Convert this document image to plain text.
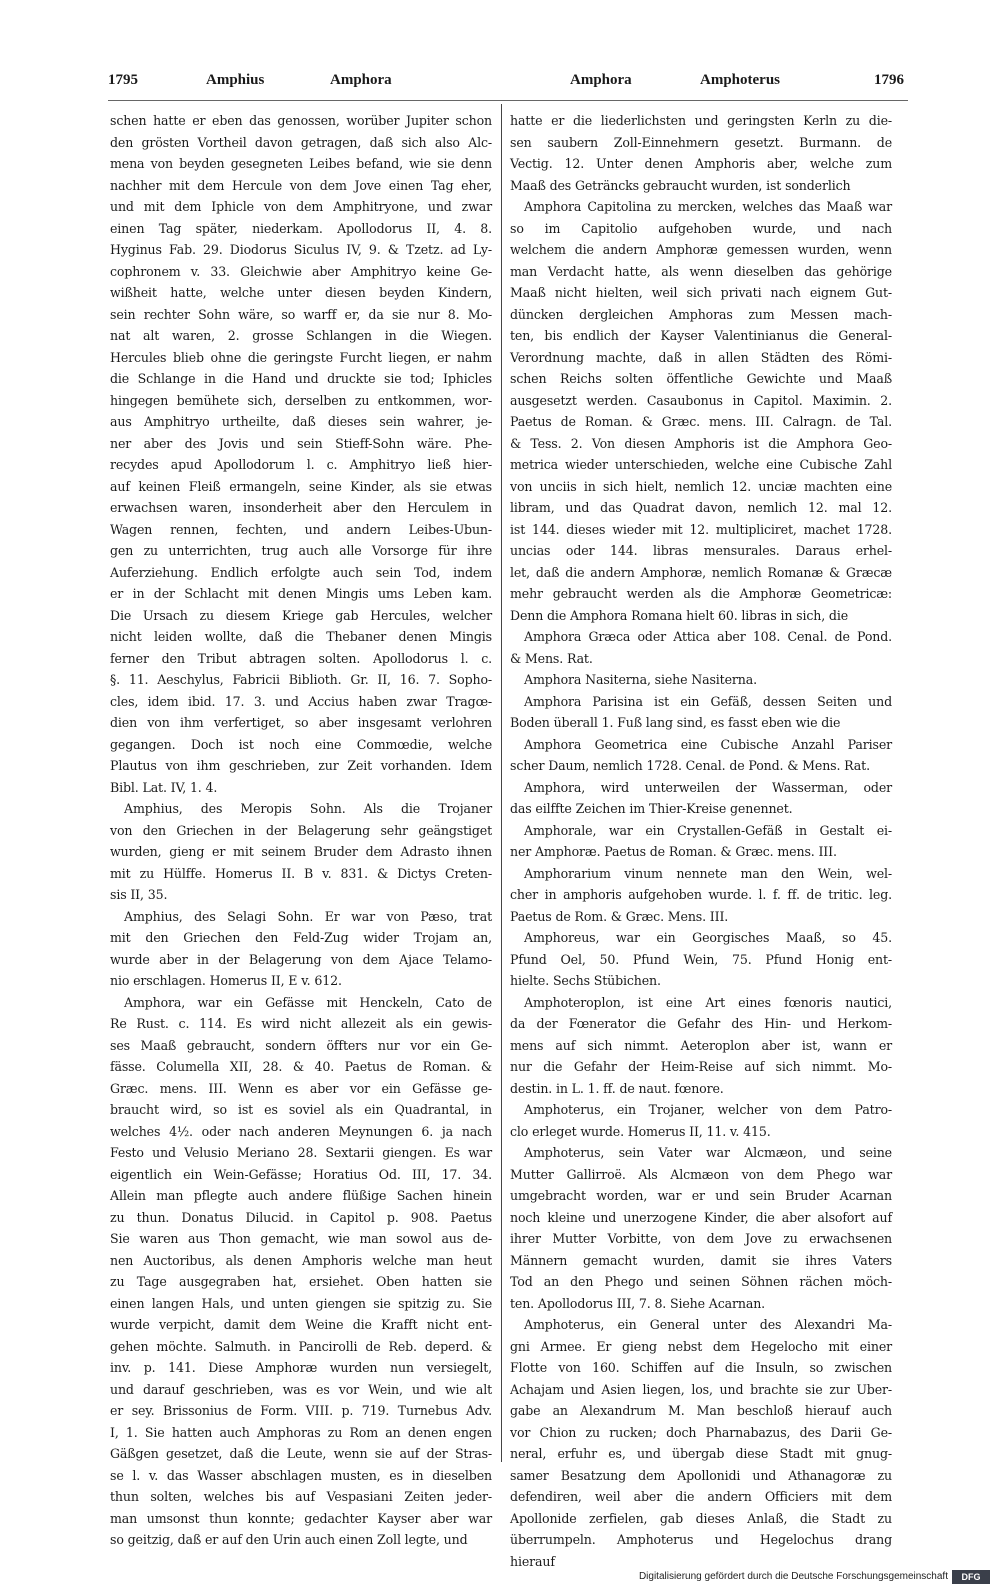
1795	Amphius	Amphora	Amphora	Amphoterus	1796
schen hatte er eben das genossen, worüber Jupiter schon
den grösten Vortheil davon getragen, daß sich also Alc-
mena von beyden gesegneten Leibes befand, wie sie denn
nachher mit dem Hercule von dem Jove einen Tag eher,
und mit dem Iphicle von dem Amphitryone, und zwar
einen Tag später, niederkam. Apollodorus II, 4. 8.
Hyginus Fab. 29. Diodorus Siculus IV, 9. & Tzetz. ad Ly-
cophronem v. 33. Gleichwie aber Amphitryo keine Ge-
wißheit hatte, welche unter diesen beyden Kindern,
sein rechter Sohn wäre, so warff er, da sie nur 8. Mo-
nat alt waren, 2. grosse Schlangen in die Wiegen.
Hercules blieb ohne die geringste Furcht liegen, er nahm
die Schlange in die Hand und druckte sie tod; Iphicles
hingegen bemühete sich, derselben zu entkommen, wor-
aus Amphitryo urtheilte, daß dieses sein wahrer, je-
ner aber des Jovis und sein Stieff-Sohn wäre. Phe-
recydes apud Apollodorum l. c. Amphitryo ließ hier-
auf keinen Fleiß ermangeln, seine Kinder, als sie etwas
erwachsen waren, insonderheit aber den Herculem in
Wagen rennen, fechten, und andern Leibes-Ubun-
gen zu unterrichten, trug auch alle Vorsorge für ihre
Auferziehung. Endlich erfolgte auch sein Tod, indem
er in der Schlacht mit denen Mingis ums Leben kam.
Die Ursach zu diesem Kriege gab Hercules, welcher
nicht leiden wollte, daß die Thebaner denen Mingis
ferner den Tribut abtragen solten. Apollodorus l. c.
§. 11. Aeschylus, Fabricii Biblioth. Gr. II, 16. 7. Sopho-
cles, idem ibid. 17. 3. und Accius haben zwar Tragœ-
dien von ihm verfertiget, so aber insgesamt verlohren
gegangen. Doch ist noch eine Commœdie, welche
Plautus von ihm geschrieben, zur Zeit vorhanden. Idem
Bibl. Lat. IV, 1. 4.
Amphius, des Meropis Sohn. Als die Trojaner
von den Griechen in der Belagerung sehr geängstiget
wurden, gieng er mit seinem Bruder dem Adrasto ihnen
mit zu Hülffe. Homerus II. B v. 831. & Dictys Creten-
sis II, 35.
Amphius, des Selagi Sohn. Er war von Pæso, trat
mit den Griechen den Feld-Zug wider Trojam an,
wurde aber in der Belagerung von dem Ajace Telamo-
nio erschlagen. Homerus II, E v. 612.
Amphora, war ein Gefässe mit Henckeln, Cato de
Re Rust. c. 114. Es wird nicht allezeit als ein gewis-
ses Maaß gebraucht, sondern öffters nur vor ein Ge-
fässe. Columella XII, 28. & 40. Paetus de Roman. &
Græc. mens. III. Wenn es aber vor ein Gefässe ge-
braucht wird, so ist es soviel als ein Quadrantal, in
welches 4½. oder nach anderen Meynungen 6. ja nach
Festo und Velusio Meriano 28. Sextarii giengen. Es war
eigentlich ein Wein-Gefässe; Horatius Od. III, 17. 34.
Allein man pflegte auch andere flüßige Sachen hinein
zu thun. Donatus Dilucid. in Capitol p. 908. Paetus
Sie waren aus Thon gemacht, wie man sowol aus de-
nen Auctoribus, als denen Amphoris welche man heut
zu Tage ausgegraben hat, ersiehet. Oben hatten sie
einen langen Hals, und unten giengen sie spitzig zu. Sie
wurde verpicht, damit dem Weine die Krafft nicht ent-
gehen möchte. Salmuth. in Pancirolli de Reb. deperd. &
inv. p. 141. Diese Amphoræ wurden nun versiegelt,
und darauf geschrieben, was es vor Wein, und wie alt
er sey. Brissonius de Form. VIII. p. 719. Turnebus Adv.
I, 1. Sie hatten auch Amphoras zu Rom an denen engen
Gäßgen gesetzet, daß die Leute, wenn sie auf der Stras-
se l. v. das Wasser abschlagen musten, es in dieselben
thun solten, welches bis auf Vespasiani Zeiten jeder-
man umsonst thun konnte; gedachter Kayser aber war
so geitzig, daß er auf den Urin auch einen Zoll legte, und
hatte er die liederlichsten und geringsten Kerln zu die-
sen saubern Zoll-Einnehmern gesetzt. Burmann. de
Vectig. 12. Unter denen Amphoris aber, welche zum
Maaß des Geträncks gebraucht wurden, ist sonderlich
Amphora Capitolina zu mercken, welches das Maaß war
so im Capitolio aufgehoben wurde, und nach
welchem die andern Amphoræ gemessen wurden, wenn
man Verdacht hatte, als wenn dieselben das gehörige
Maaß nicht hielten, weil sich privati nach eignem Gut-
düncken dergleichen Amphoras zum Messen mach-
ten, bis endlich der Kayser Valentinianus die General-
Verordnung machte, daß in allen Städten des Römi-
schen Reichs solten öffentliche Gewichte und Maaß
ausgesetzt werden. Casaubonus in Capitol. Maximin. 2.
Paetus de Roman. & Græc. mens. III. Calragn. de Tal.
& Tess. 2. Von diesen Amphoris ist die Amphora Geo-
metrica wieder unterschieden, welche eine Cubische Zahl
von unciis in sich hielt, nemlich 12. unciæ machten eine
libram, und das Quadrat davon, nemlich 12. mal 12.
ist 144. dieses wieder mit 12. multipliciret, machet 1728.
uncias oder 144. libras mensurales. Daraus erhel-
let, daß die andern Amphoræ, nemlich Romanæ & Græcæ
mehr gebraucht werden als die Amphoræ Geometricæ:
Denn die Amphora Romana hielt 60. libras in sich, die
Amphora Græca oder Attica aber 108. Cenal. de Pond.
& Mens. Rat.
Amphora Nasiterna, siehe Nasiterna.
Amphora Parisina ist ein Gefäß, dessen Seiten und
Boden überall 1. Fuß lang sind, es fasst eben wie die
Amphora Geometrica eine Cubische Anzahl Pariser
scher Daum, nemlich 1728. Cenal. de Pond. & Mens. Rat.
Amphora, wird unterweilen der Wasserman, oder
das eilffte Zeichen im Thier-Kreise genennet.
Amphorale, war ein Crystallen-Gefäß in Gestalt ei-
ner Amphoræ. Paetus de Roman. & Græc. mens. III.
Amphorarium vinum nennete man den Wein, wel-
cher in amphoris aufgehoben wurde. l. f. ff. de tritic. leg.
Paetus de Rom. & Græc. Mens. III.
Amphoreus, war ein Georgisches Maaß, so 45.
Pfund Oel, 50. Pfund Wein, 75. Pfund Honig ent-
hielte. Sechs Stübichen.
Amphoteroplon, ist eine Art eines fœnoris nautici,
da der Fœnerator die Gefahr des Hin- und Herkom-
mens auf sich nimmt. Aeteroplon aber ist, wann er
nur die Gefahr der Heim-Reise auf sich nimmt. Mo-
destin. in L. 1. ff. de naut. fœnore.
Amphoterus, ein Trojaner, welcher von dem Patro-
clo erleget wurde. Homerus II, 11. v. 415.
Amphoterus, sein Vater war Alcmæon, und seine
Mutter Gallirroë. Als Alcmæon von dem Phego war
umgebracht worden, war er und sein Bruder Acarnan
noch kleine und unerzogene Kinder, die aber alsofort auf
ihrer Mutter Vorbitte, von dem Jove zu erwachsenen
Männern gemacht wurden, damit sie ihres Vaters
Tod an den Phego und seinen Söhnen rächen möch-
ten. Apollodorus III, 7. 8. Siehe Acarnan.
Amphoterus, ein General unter des Alexandri Ma-
gni Armee. Er gieng nebst dem Hegelocho mit einer
Flotte von 160. Schiffen auf die Insuln, so zwischen
Achajam und Asien liegen, los, und brachte sie zur Uber-
gabe an Alexandrum M. Man beschloß hierauf auch
vor Chion zu rucken; doch Pharnabazus, des Darii Ge-
neral, erfuhr es, und übergab diese Stadt mit gnug-
samer Besatzung dem Apollonidi und Athanagoræ zu
defendiren, weil aber die andern Officiers mit dem
Apollonide zerfielen, gab dieses Anlaß, die Stadt zu
überrumpeln. Amphoterus und Hegelochus drang
hierauf
Digitalisierung gefördert durch die Deutsche Forschungsgemeinschaft	DFG
